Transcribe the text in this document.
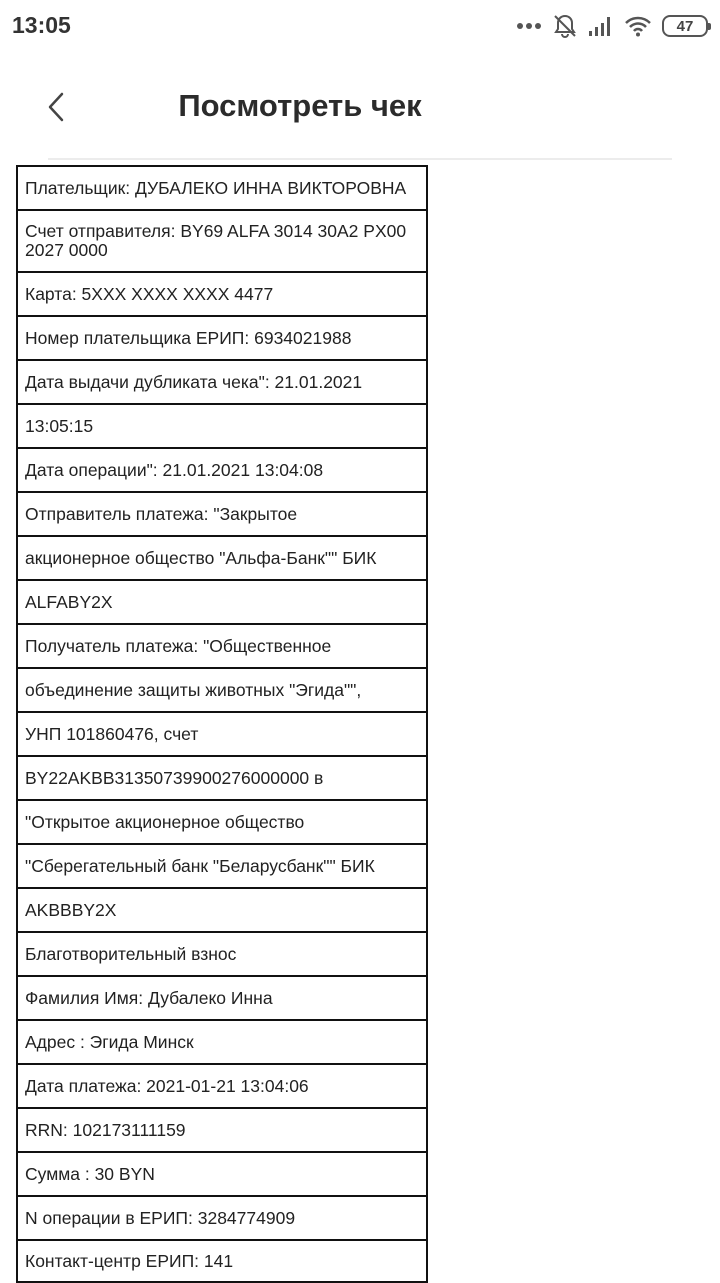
13:05	47
Посмотреть чек
Плательщик: ДУБАЛЕКО ИННА ВИКТОРОВНА
Счет отправителя: BY69 ALFA 3014 30A2 PX00 2027 0000
Карта: 5XXX XXXX XXXX 4477
Номер плательщика ЕРИП: 6934021988
Дата выдачи дубликата чека": 21.01.2021
13:05:15
Дата операции": 21.01.2021 13:04:08
Отправитель платежа: "Закрытое
акционерное общество "Альфа-Банк"" БИК
ALFABY2X
Получатель платежа: "Общественное
объединение защиты животных "Эгида"",
УНП 101860476, счет
BY22AKBB31350739900276000000 в
"Открытое акционерное общество
"Сберегательный банк "Беларусбанк"" БИК
AKBBBY2X
Благотворительный взнос
Фамилия Имя: Дубалеко Инна
Адрес : Эгида Минск
Дата платежа: 2021-01-21 13:04:06
RRN: 102173111159
Сумма : 30 BYN
N операции в ЕРИП: 3284774909
Контакт-центр ЕРИП: 141
